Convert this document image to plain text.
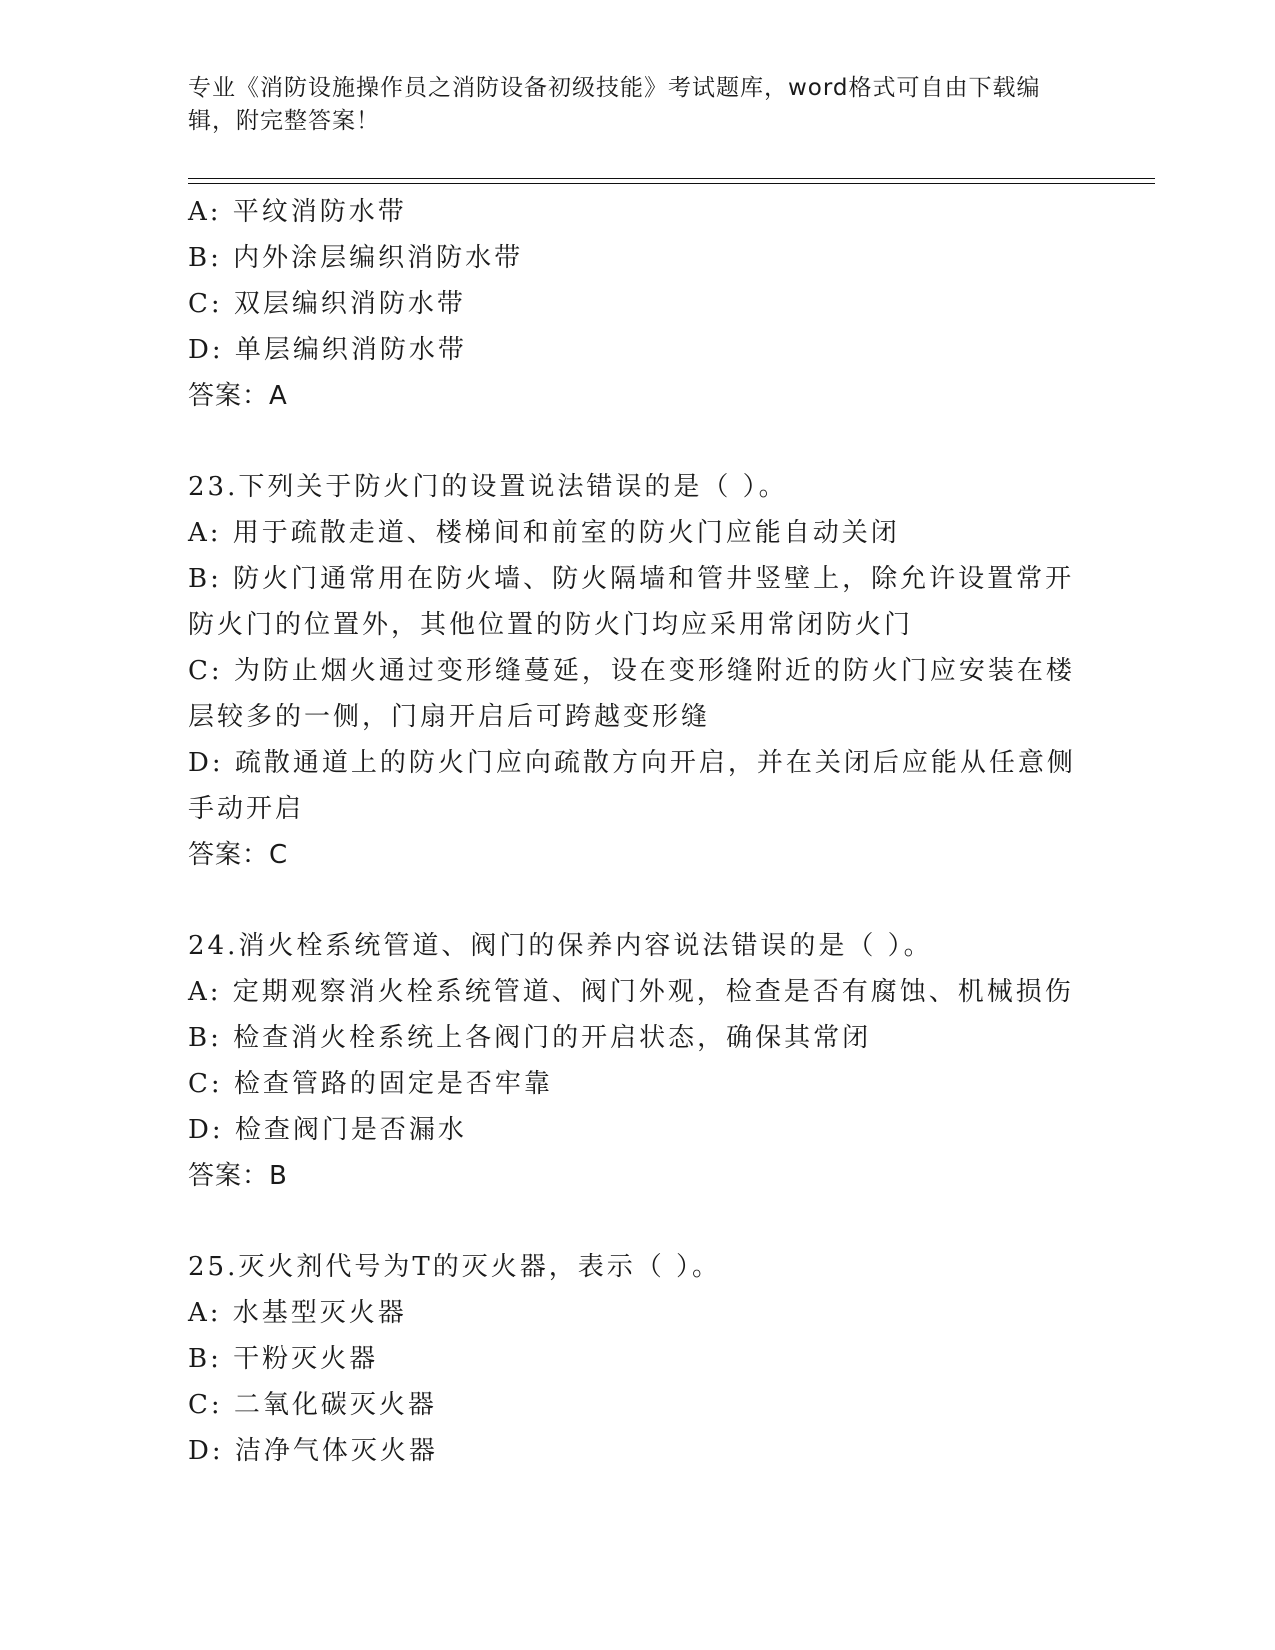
专业《消防设施操作员之消防设备初级技能》考试题库，word格式可自由下载编辑，附完整答案！
A: 平纹消防水带
B: 内外涂层编织消防水带
C: 双层编织消防水带
D: 单层编织消防水带
答案：A
23.下列关于防火门的设置说法错误的是（ ）。
A: 用于疏散走道、楼梯间和前室的防火门应能自动关闭
B: 防火门通常用在防火墙、防火隔墙和管井竖壁上，除允许设置常开防火门的位置外，其他位置的防火门均应采用常闭防火门
C: 为防止烟火通过变形缝蔓延，设在变形缝附近的防火门应安装在楼层较多的一侧，门扇开启后可跨越变形缝
D: 疏散通道上的防火门应向疏散方向开启，并在关闭后应能从任意侧手动开启
答案：C
24.消火栓系统管道、阀门的保养内容说法错误的是（ ）。
A: 定期观察消火栓系统管道、阀门外观，检查是否有腐蚀、机械损伤
B: 检查消火栓系统上各阀门的开启状态，确保其常闭
C: 检查管路的固定是否牢靠
D: 检查阀门是否漏水
答案：B
25.灭火剂代号为T的灭火器，表示（ ）。
A: 水基型灭火器
B: 干粉灭火器
C: 二氧化碳灭火器
D: 洁净气体灭火器
